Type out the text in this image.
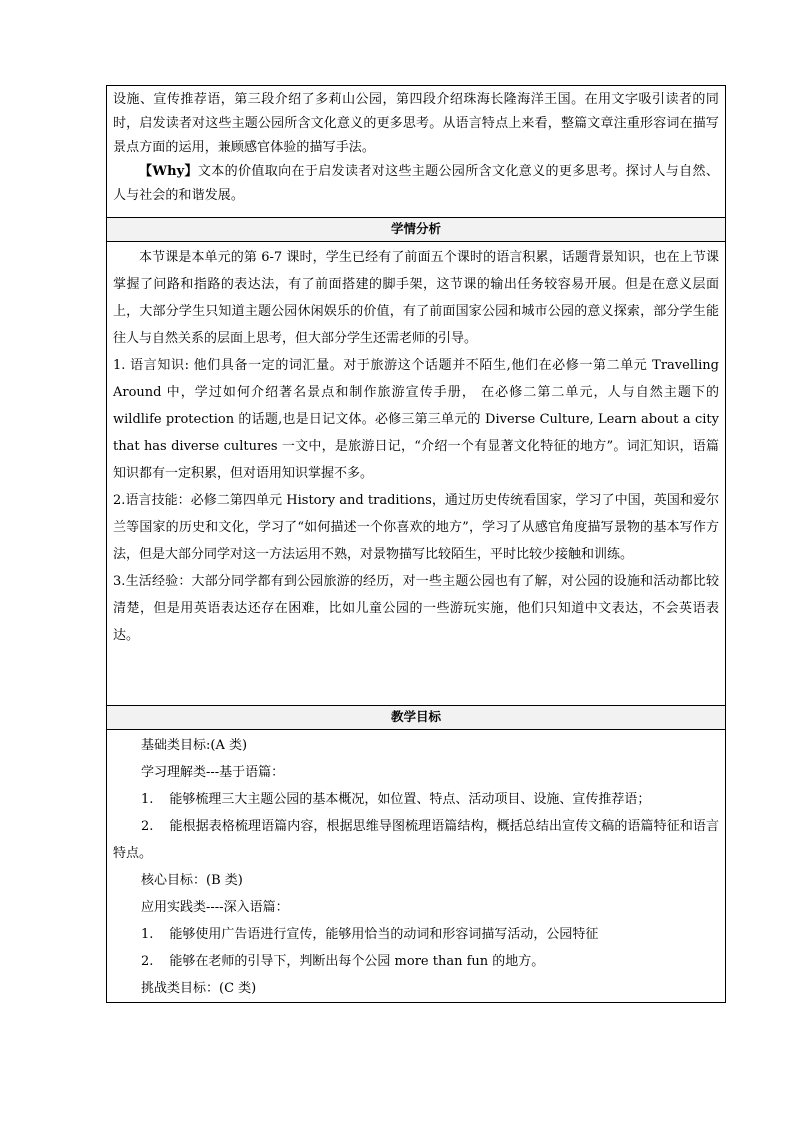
设施、宣传推荐语，第三段介绍了多莉山公园，第四段介绍珠海长隆海洋王国。在用文字吸引读者的同时，启发读者对这些主题公园所含文化意义的更多思考。从语言特点上来看，整篇文章注重形容词在描写景点方面的运用，兼顾感官体验的描写手法。

【Why】文本的价值取向在于启发读者对这些主题公园所含文化意义的更多思考。探讨人与自然、人与社会的和谐发展。

学情分析

本节课是本单元的第 6-7 课时，学生已经有了前面五个课时的语言积累，话题背景知识，也在上节课掌握了问路和指路的表达法，有了前面搭建的脚手架，这节课的输出任务较容易开展。但是在意义层面上，大部分学生只知道主题公园休闲娱乐的价值，有了前面国家公园和城市公园的意义探索，部分学生能往人与自然关系的层面上思考，但大部分学生还需老师的引导。

1. 语言知识: 他们具备一定的词汇量。对于旅游这个话题并不陌生,他们在必修一第二单元 Travelling Around 中，学过如何介绍著名景点和制作旅游宣传手册， 在必修二第二单元，人与自然主题下的 wildlife protection 的话题,也是日记文体。必修三第三单元的 Diverse Culture, Learn about a city that has diverse cultures 一文中，是旅游日记，“介绍一个有显著文化特征的地方”。词汇知识，语篇知识都有一定积累，但对语用知识掌握不多。

2.语言技能：必修二第四单元 History and traditions，通过历史传统看国家，学习了中国，英国和爱尔兰等国家的历史和文化，学习了“如何描述一个你喜欢的地方”，学习了从感官角度描写景物的基本写作方法，但是大部分同学对这一方法运用不熟，对景物描写比较陌生，平时比较少接触和训练。

3.生活经验：大部分同学都有到公园旅游的经历，对一些主题公园也有了解，对公园的设施和活动都比较清楚，但是用英语表达还存在困难，比如儿童公园的一些游玩实施，他们只知道中文表达，不会英语表达。

教学目标

基础类目标:(A 类)

学习理解类---基于语篇：

1. 能够梳理三大主题公园的基本概况，如位置、特点、活动项目、设施、宣传推荐语；

2. 能根据表格梳理语篇内容，根据思维导图梳理语篇结构，概括总结出宣传文稿的语篇特征和语言特点。

核心目标：(B 类)

应用实践类----深入语篇：

1. 能够使用广告语进行宣传，能够用恰当的动词和形容词描写活动，公园特征

2. 能够在老师的引导下，判断出每个公园 more than fun 的地方。

挑战类目标：(C 类)
